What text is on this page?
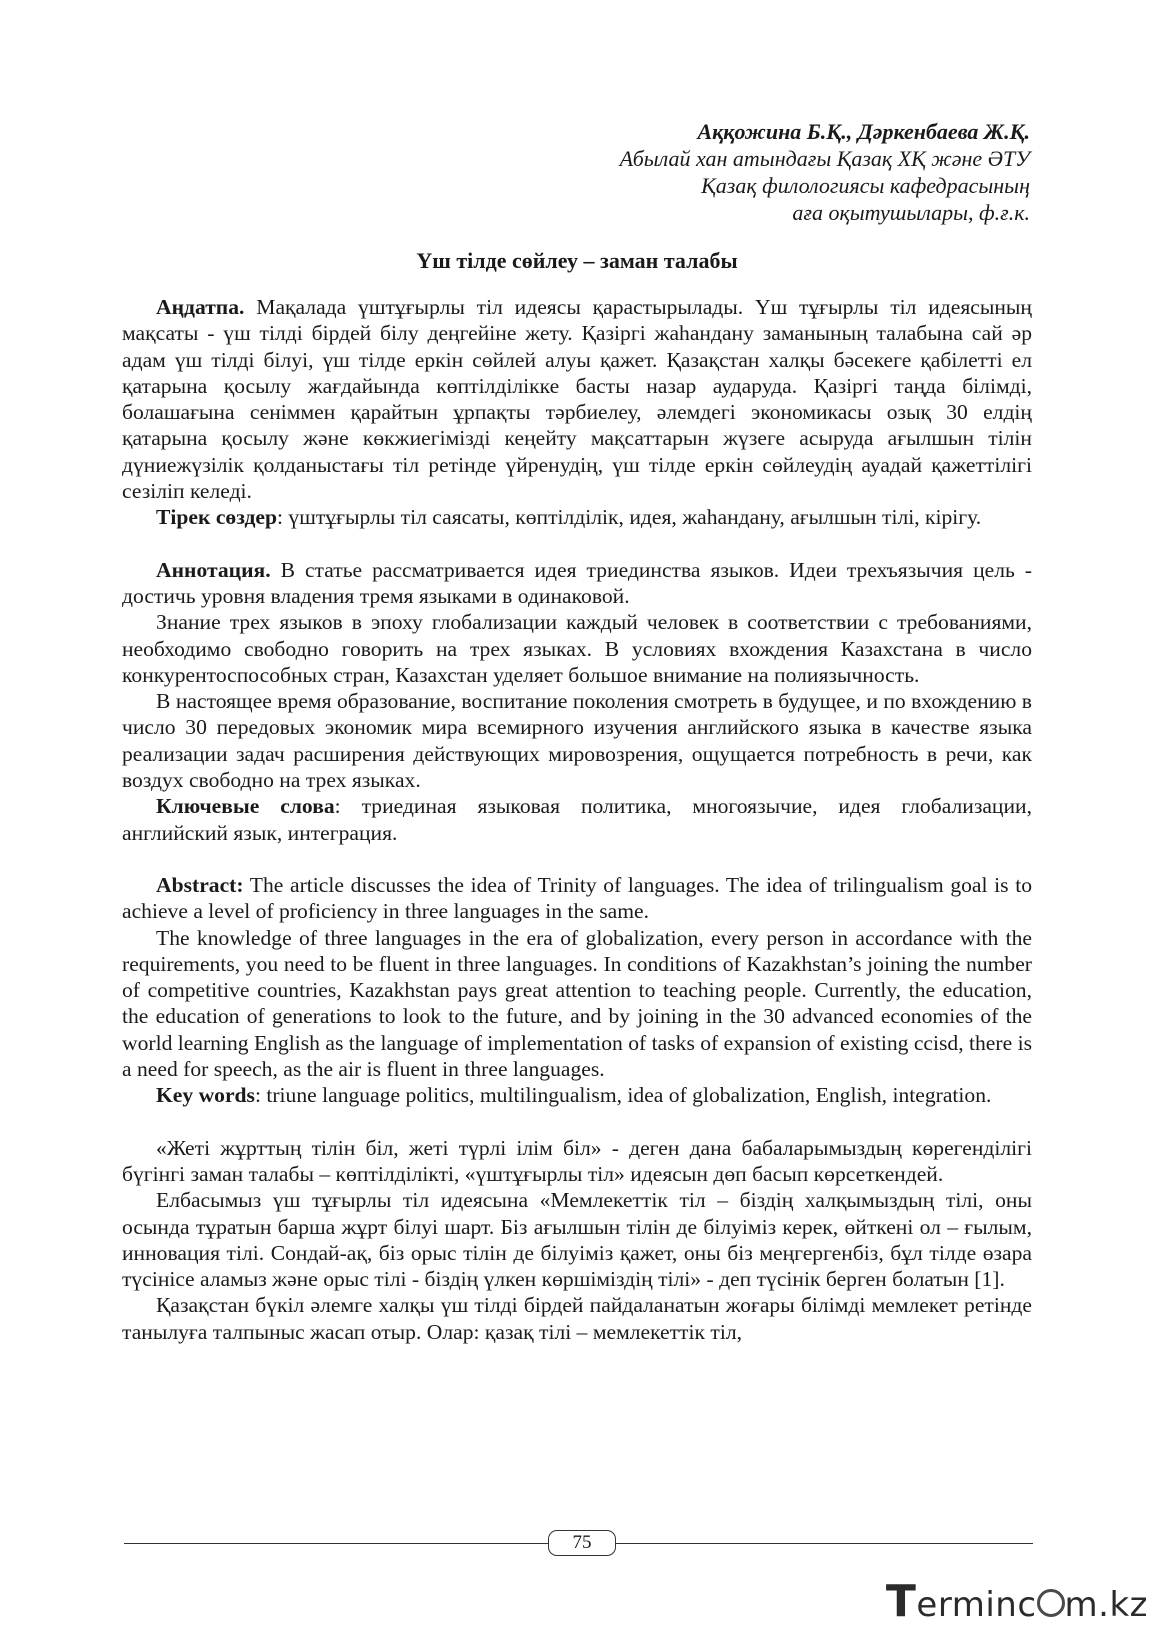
Аққожина Б.Қ., Дәркенбаева Ж.Қ.
Абылай хан атындағы Қазақ ХҚ және ӘТУ
Қазақ филологиясы кафедрасының
аға оқытушылары, ф.ғ.к.
Үш тілде сөйлеу – заман талабы

Аңдатпа. Мақалада үштұғырлы тіл идеясы қарастырылады. Үш тұғырлы тіл идеясының мақсаты - үш тілді бірдей білу деңгейіне жету. Қазіргі жаһандану заманының талабына сай әр адам үш тілді білуі, үш тілде еркін сөйлей алуы қажет. Қазақстан халқы бәсекеге қабілетті ел қатарына қосылу жағдайында көптілділікке басты назар аударуда. Қазіргі таңда білімді, болашағына сеніммен қарайтын ұрпақты тәрбиелеу, әлемдегі экономикасы озық 30 елдің қатарына қосылу және көкжиегімізді кеңейту мақсаттарын жүзеге асыруда ағылшын тілін дүниежүзілік қолданыстағы тіл ретінде үйренудің, үш тілде еркін сөйлеудің ауадай қажеттілігі сезіліп келеді.

Тірек сөздер: үштұғырлы тіл саясаты, көптілділік, идея, жаһандану, ағылшын тілі, кірігу.

Аннотация. В статье рассматривается идея триединства языков. Идеи трехъязычия цель - достичь уровня владения тремя языками в одинаковой.

Знание трех языков в эпоху глобализации каждый человек в соответствии с требованиями, необходимо свободно говорить на трех языках. В условиях вхождения Казахстана в число конкурентоспособных стран, Казахстан уделяет большое внимание на полиязычность.

В настоящее время образование, воспитание поколения смотреть в будущее, и по вхождению в число 30 передовых экономик мира всемирного изучения английского языка в качестве языка реализации задач расширения действующих мировозрения, ощущается потребность в речи, как воздух свободно на трех языках.

Ключевые слова: триединая языковая политика, многоязычие, идея глобализации, английский язык, интеграция.

Abstract: The article discusses the idea of Trinity of languages. The idea of trilingualism goal is to achieve a level of proficiency in three languages in the same.

The knowledge of three languages in the era of globalization, every person in accordance with the requirements, you need to be fluent in three languages. In conditions of Kazakhstan’s joining the number of competitive countries, Kazakhstan pays great attention to teaching people. Currently, the education, the education of generations to look to the future, and by joining in the 30 advanced economies of the world learning English as the language of implementation of tasks of expansion of existing ccisd, there is a need for speech, as the air is fluent in three languages.

Key words: triune language politics, multilingualism, idea of globalization, English, integration.

«Жеті жұрттың тілін біл, жеті түрлі ілім біл» - деген дана бабаларымыздың көрегенділігі бүгінгі заман талабы – көптілділікті, «үштұғырлы тіл» идеясын дөп басып көрсеткендей.

Елбасымыз үш тұғырлы тіл идеясына «Мемлекеттік тіл – біздің халқымыздың тілі, оны осында тұратын барша жұрт білуі шарт. Біз ағылшын тілін де білуіміз керек, өйткені ол – ғылым, инновация тілі. Сондай-ақ, біз орыс тілін де білуіміз қажет, оны біз меңгергенбіз, бұл тілде өзара түсініce аламыз және орыс тілі - біздің үлкен көршіміздің тілі» - деп түсінік берген болатын [1].

Қазақстан бүкіл әлемге халқы үш тілді бірдей пайдаланатын жоғары білімді мемлекет ретінде танылуға талпыныс жасап отыр. Олар: қазақ тілі – мемлекеттік тіл,

75
Terminc m.kz
